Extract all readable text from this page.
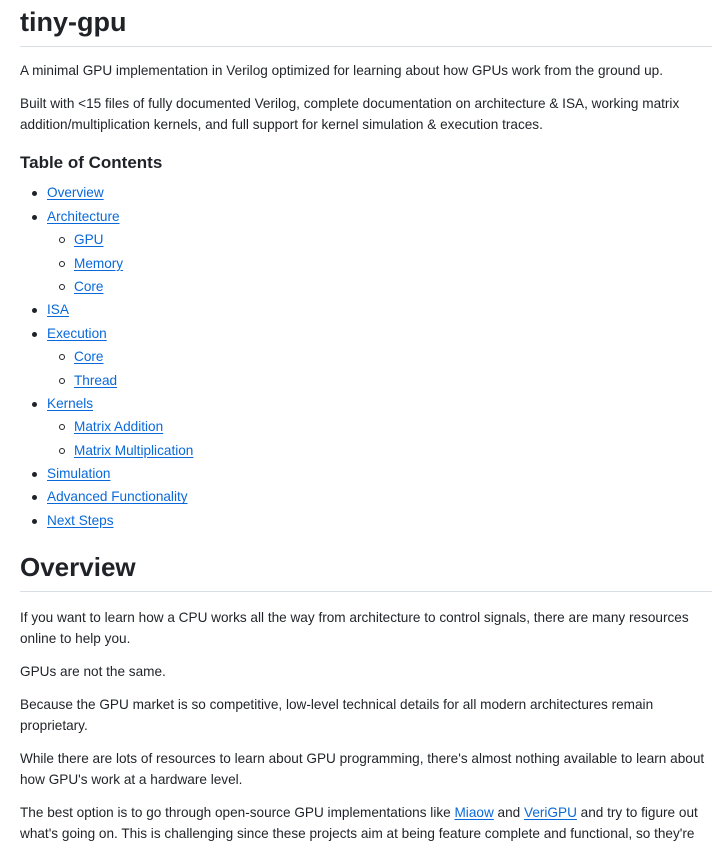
tiny-gpu

A minimal GPU implementation in Verilog optimized for learning about how GPUs work from the ground up.

Built with <15 files of fully documented Verilog, complete documentation on architecture & ISA, working matrix addition/multiplication kernels, and full support for kernel simulation & execution traces.

Table of Contents
Overview
Architecture
GPU
Memory
Core
ISA
Execution
Core
Thread
Kernels
Matrix Addition
Matrix Multiplication
Simulation
Advanced Functionality
Next Steps
Overview

If you want to learn how a CPU works all the way from architecture to control signals, there are many resources online to help you.

GPUs are not the same.

Because the GPU market is so competitive, low-level technical details for all modern architectures remain proprietary.

While there are lots of resources to learn about GPU programming, there's almost nothing available to learn about how GPU's work at a hardware level.

The best option is to go through open-source GPU implementations like Miaow and VeriGPU and try to figure out what's going on. This is challenging since these projects aim at being feature complete and functional, so they're
